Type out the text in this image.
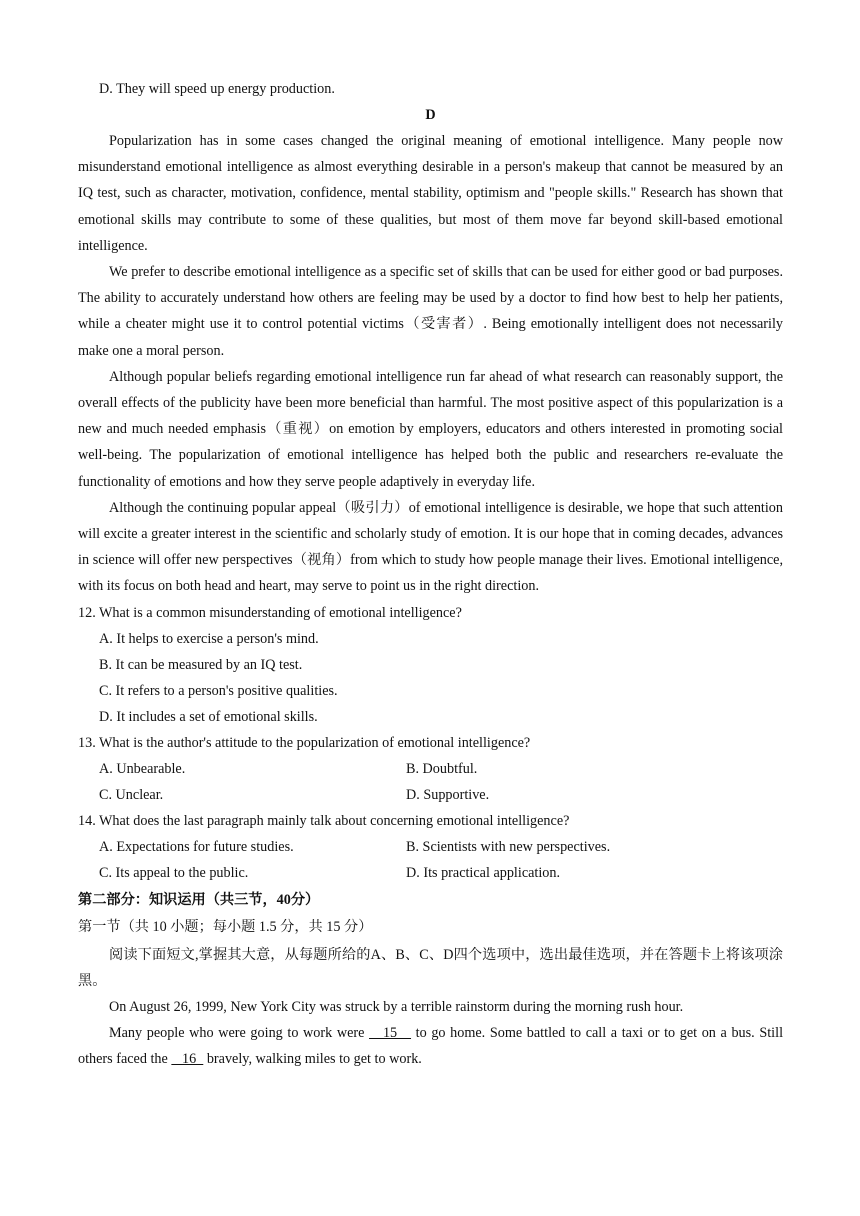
D. They will speed up energy production.
D
Popularization has in some cases changed the original meaning of emotional intelligence. Many people now misunderstand emotional intelligence as almost everything desirable in a person's makeup that cannot be measured by an IQ test, such as character, motivation, confidence, mental stability, optimism and "people skills." Research has shown that emotional skills may contribute to some of these qualities, but most of them move far beyond skill-based emotional intelligence.
We prefer to describe emotional intelligence as a specific set of skills that can be used for either good or bad purposes. The ability to accurately understand how others are feeling may be used by a doctor to find how best to help her patients, while a cheater might use it to control potential victims（受害者）. Being emotionally intelligent does not necessarily make one a moral person.
Although popular beliefs regarding emotional intelligence run far ahead of what research can reasonably support, the overall effects of the publicity have been more beneficial than harmful. The most positive aspect of this popularization is a new and much needed emphasis（重视）on emotion by employers, educators and others interested in promoting social well-being. The popularization of emotional intelligence has helped both the public and researchers re-evaluate the functionality of emotions and how they serve people adaptively in everyday life.
Although the continuing popular appeal（吸引力）of emotional intelligence is desirable, we hope that such attention will excite a greater interest in the scientific and scholarly study of emotion. It is our hope that in coming decades, advances in science will offer new perspectives（视角）from which to study how people manage their lives. Emotional intelligence, with its focus on both head and heart, may serve to point us in the right direction.
12. What is a common misunderstanding of emotional intelligence?
A. It helps to exercise a person's mind.
B. It can be measured by an IQ test.
C. It refers to a person's positive qualities.
D. It includes a set of emotional skills.
13. What is the author's attitude to the popularization of emotional intelligence?
A. Unbearable.	B. Doubtful.
C. Unclear.	D. Supportive.
14. What does the last paragraph mainly talk about concerning emotional intelligence?
A. Expectations for future studies.	B. Scientists with new perspectives.
C. Its appeal to the public.	D. Its practical application.
第二部分：知识运用（共三节，40分）
第一节（共 10 小题；每小题 1.5 分，共 15 分）
阅读下面短文,掌握其大意，从每题所给的A、B、C、D四个选项中，选出最佳选项，并在答题卡上将该项涂黑。
On August 26, 1999, New York City was struck by a terrible rainstorm during the morning rush hour.
Many people who were going to work were    15    to go home. Some battled to call a taxi or to get on a bus. Still others faced the    16   bravely, walking miles to get to work.
